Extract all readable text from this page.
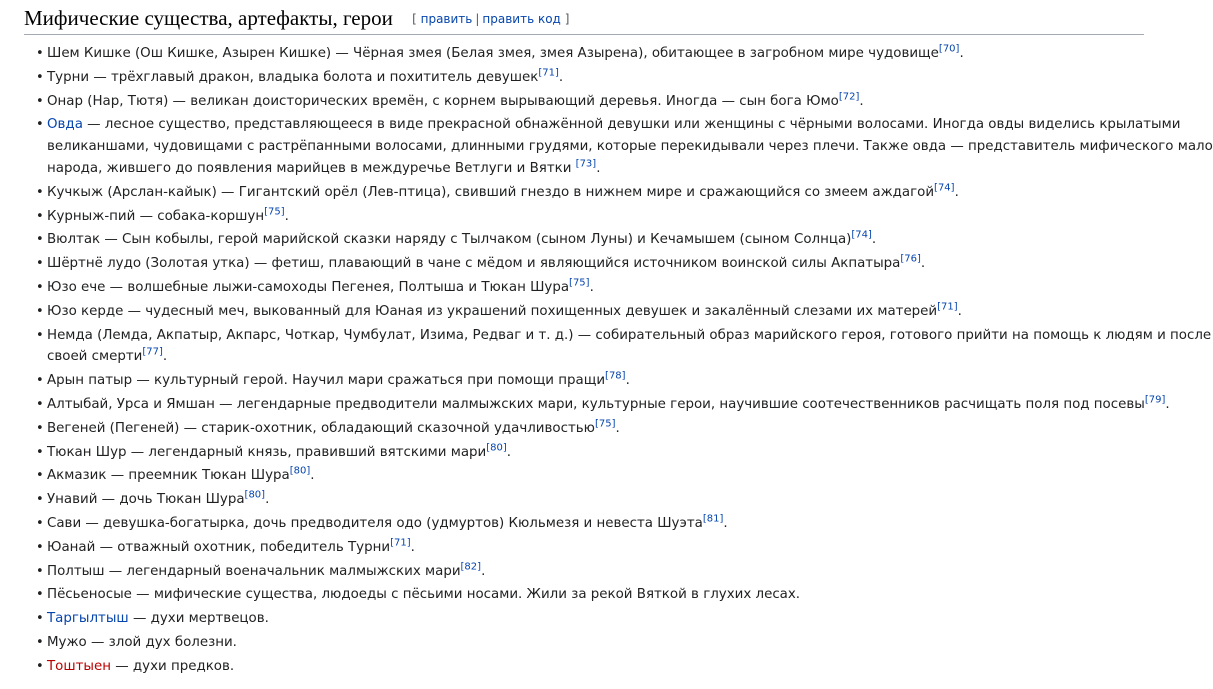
Мифические существа, артефакты, герои [ править | править код ]
• Шем Кишке (Ош Кишке, Азырен Кишке) — Чёрная змея (Белая змея, змея Азырена), обитающее в загробном мире чудовище[70].
• Турни — трёхглавый дракон, владыка болота и похититель девушек[71].
• Онар (Нар, Тютя) — великан доисторических времён, с корнем вырывающий деревья. Иногда — сын бога Юмо[72].
• Овда — лесное существо, представляющееся в виде прекрасной обнажённой девушки или женщины с чёрными волосами. Иногда овды виделись крылатыми
великаншами, чудовищами с растрёпанными волосами, длинными грудями, которые перекидывали через плечи. Также овда — представитель мифического мало
народа, жившего до появления марийцев в междуречье Ветлуги и Вятки [73].
• Кучкыж (Арслан-кайык) — Гигантский орёл (Лев-птица), свивший гнездо в нижнем мире и сражающийся со змеем аждагой[74].
• Курныж-пий — собака-коршун[75].
• Вюлтак — Сын кобылы, герой марийской сказки наряду с Тылчаком (сыном Луны) и Кечамышем (сыном Солнца)[74].
• Шёртнё лудо (Золотая утка) — фетиш, плавающий в чане с мёдом и являющийся источником воинской силы Акпатыра[76].
• Юзо ече — волшебные лыжи-самоходы Пегенея, Полтыша и Тюкан Шура[75].
• Юзо керде — чудесный меч, выкованный для Юаная из украшений похищенных девушек и закалённый слезами их матерей[71].
• Немда (Лемда, Акпатыр, Акпарс, Чоткар, Чумбулат, Изима, Редваг и т. д.) — собирательный образ марийского героя, готового прийти на помощь к людям и после
своей смерти[77].
• Арын патыр — культурный герой. Научил мари сражаться при помощи пращи[78].
• Алтыбай, Урса и Ямшан — легендарные предводители малмыжских мари, культурные герои, научившие соотечественников расчищать поля под посевы[79].
• Вегеней (Пегеней) — старик-охотник, обладающий сказочной удачливостью[75].
• Тюкан Шур — легендарный князь, правивший вятскими мари[80].
• Акмазик — преемник Тюкан Шура[80].
• Унавий — дочь Тюкан Шура[80].
• Сави — девушка-богатырка, дочь предводителя одо (удмуртов) Кюльмезя и невеста Шуэта[81].
• Юанай — отважный охотник, победитель Турни[71].
• Полтыш — легендарный военачальник малмыжских мари[82].
• Пёсьеносые — мифические существа, людоеды с пёсьими носами. Жили за рекой Вяткой в глухих лесах.
• Таргылтыш — духи мертвецов.
• Мужо — злой дух болезни.
• Тоштыен — духи предков.
